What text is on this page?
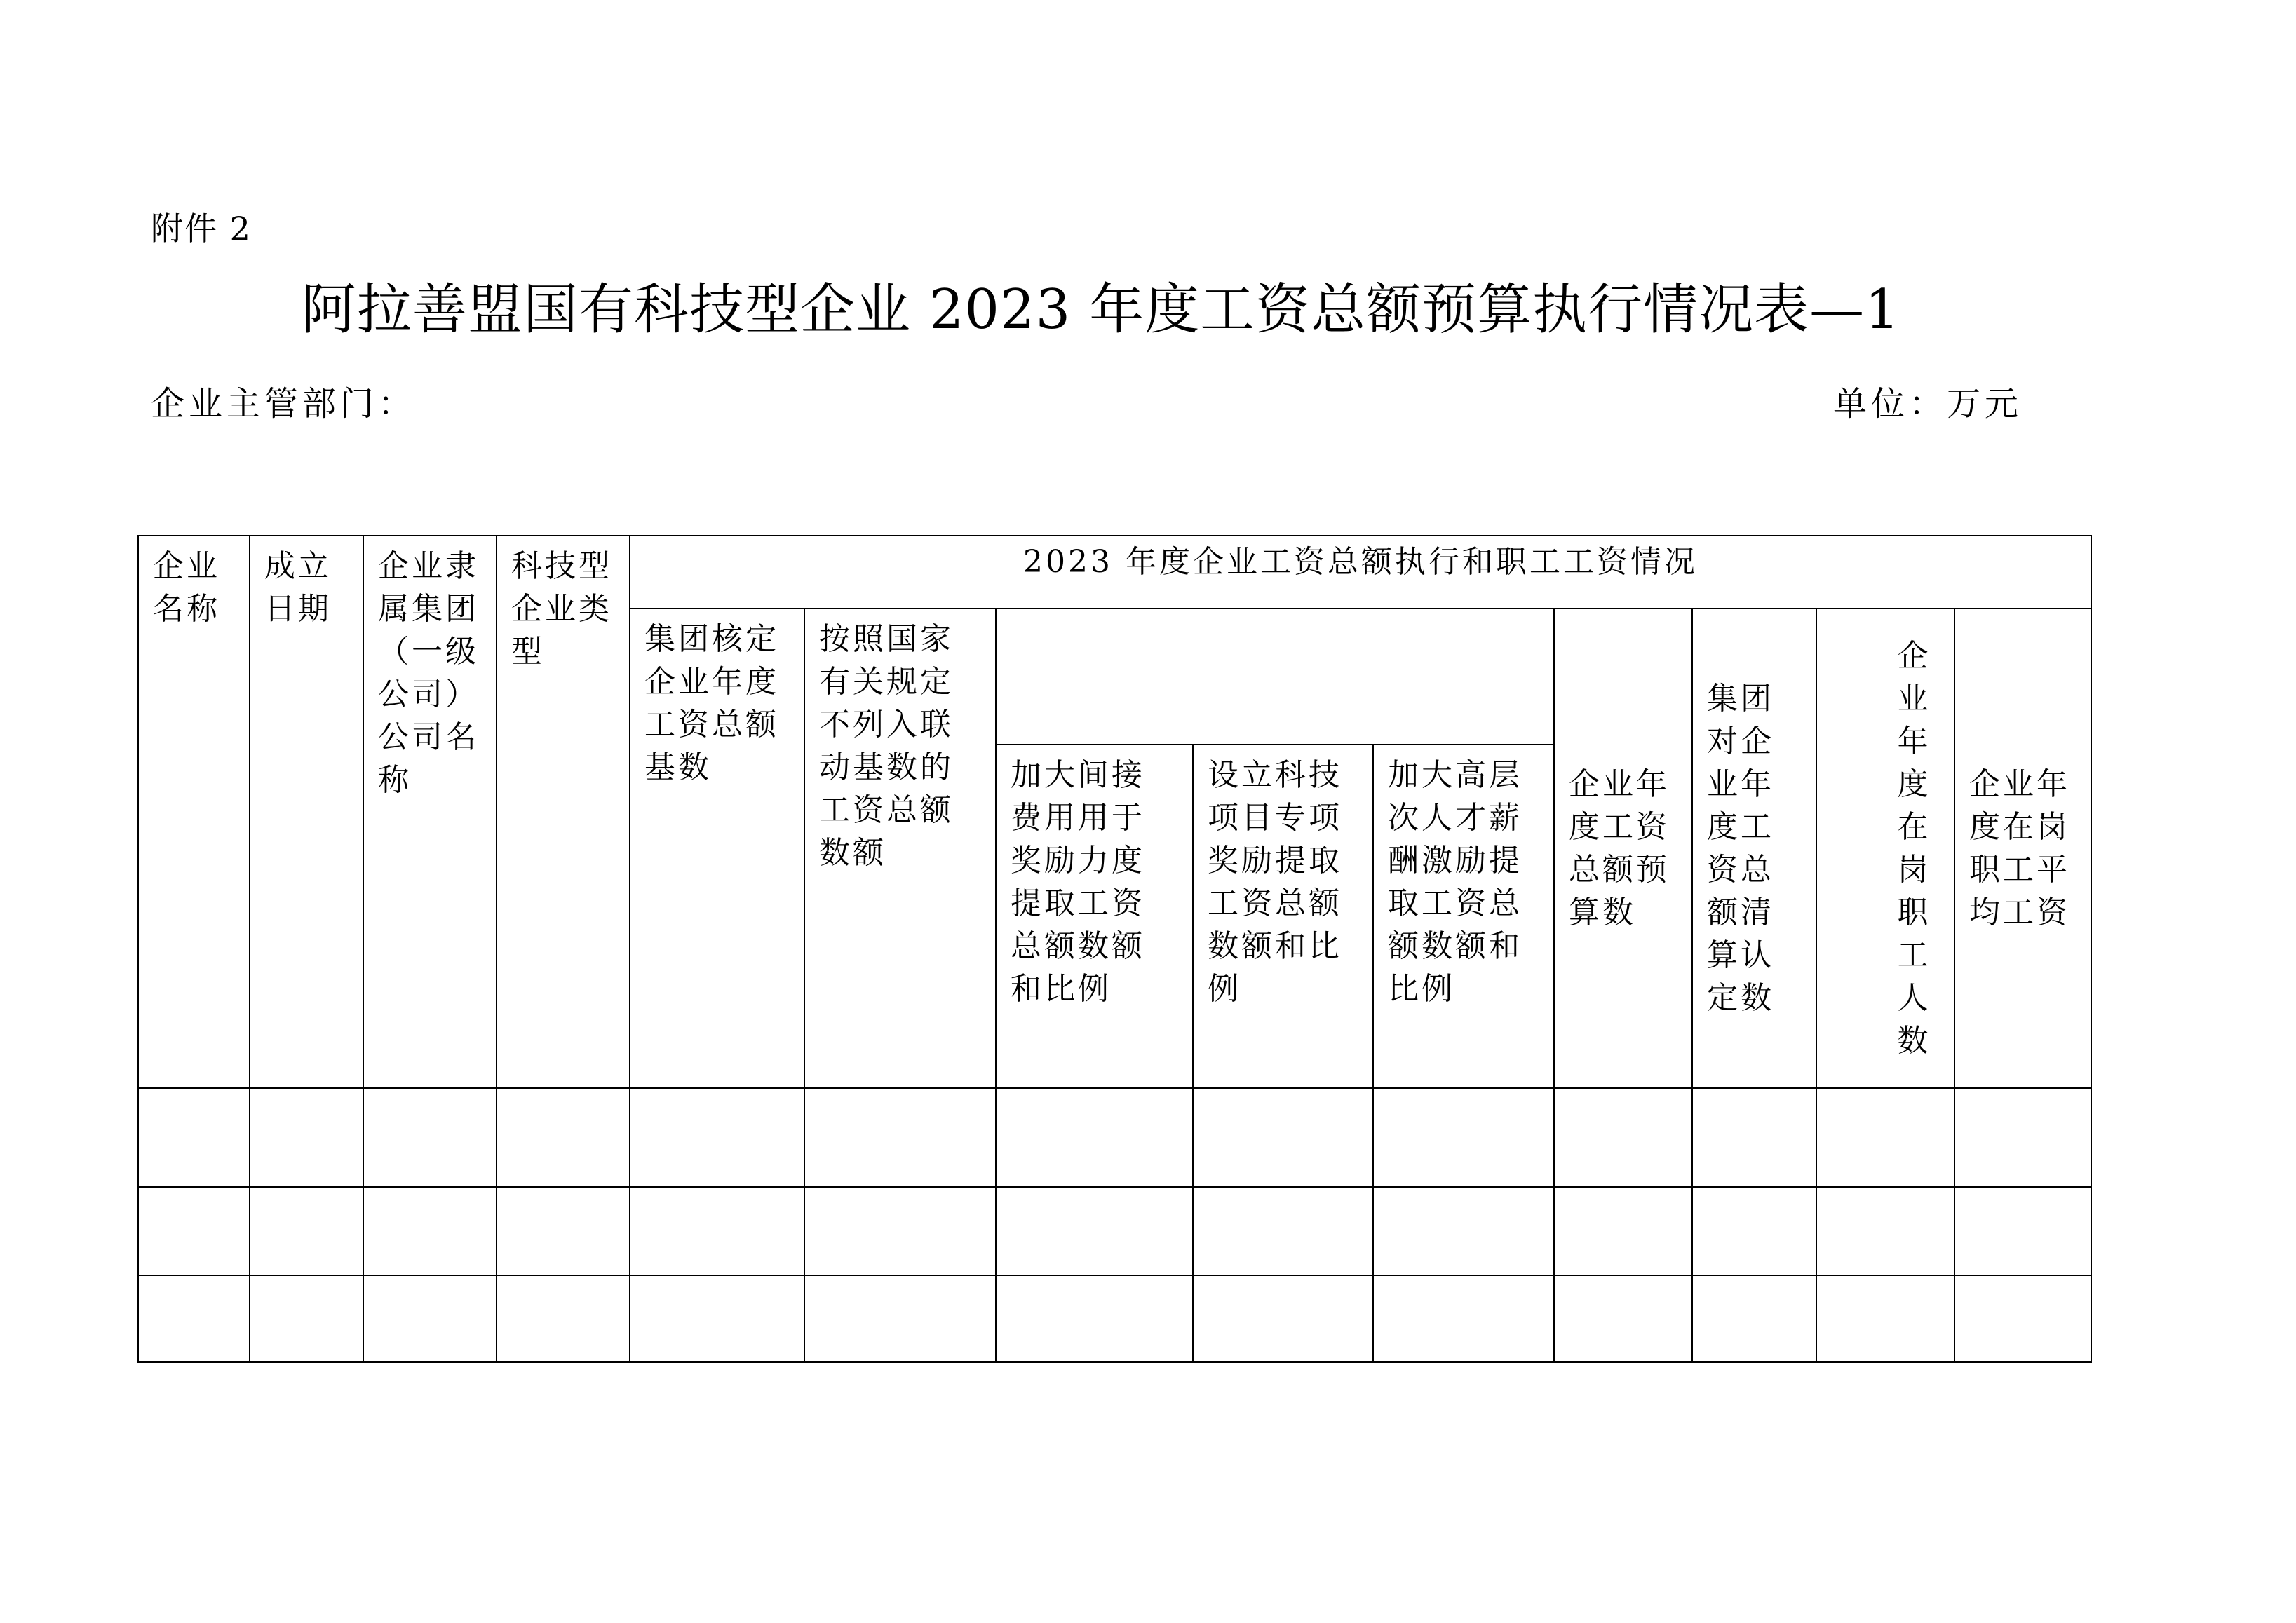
附件 2
阿拉善盟国有科技型企业 2023 年度工资总额预算执行情况表—1
企业主管部门：	单位：万元
企业名称	成立日期	企业隶属集团（一级公司）公司名称	科技型企业类型	2023 年度企业工资总额执行和职工工资情况								
				集团核定企业年度工资总额基数	按照国家有关规定不列入联动基数的工资总额数额				企业年度工资总额预算数	集团对企业年度工资总额清算认定数	企业年度在岗职工人数	企业年度在岗职工平均工资
						加大间接费用用于奖励力度提取工资总额数额和比例	设立科技项目专项奖励提取工资总额数额和比例	加大高层次人才薪酬激励提取工资总额数额和比例				
